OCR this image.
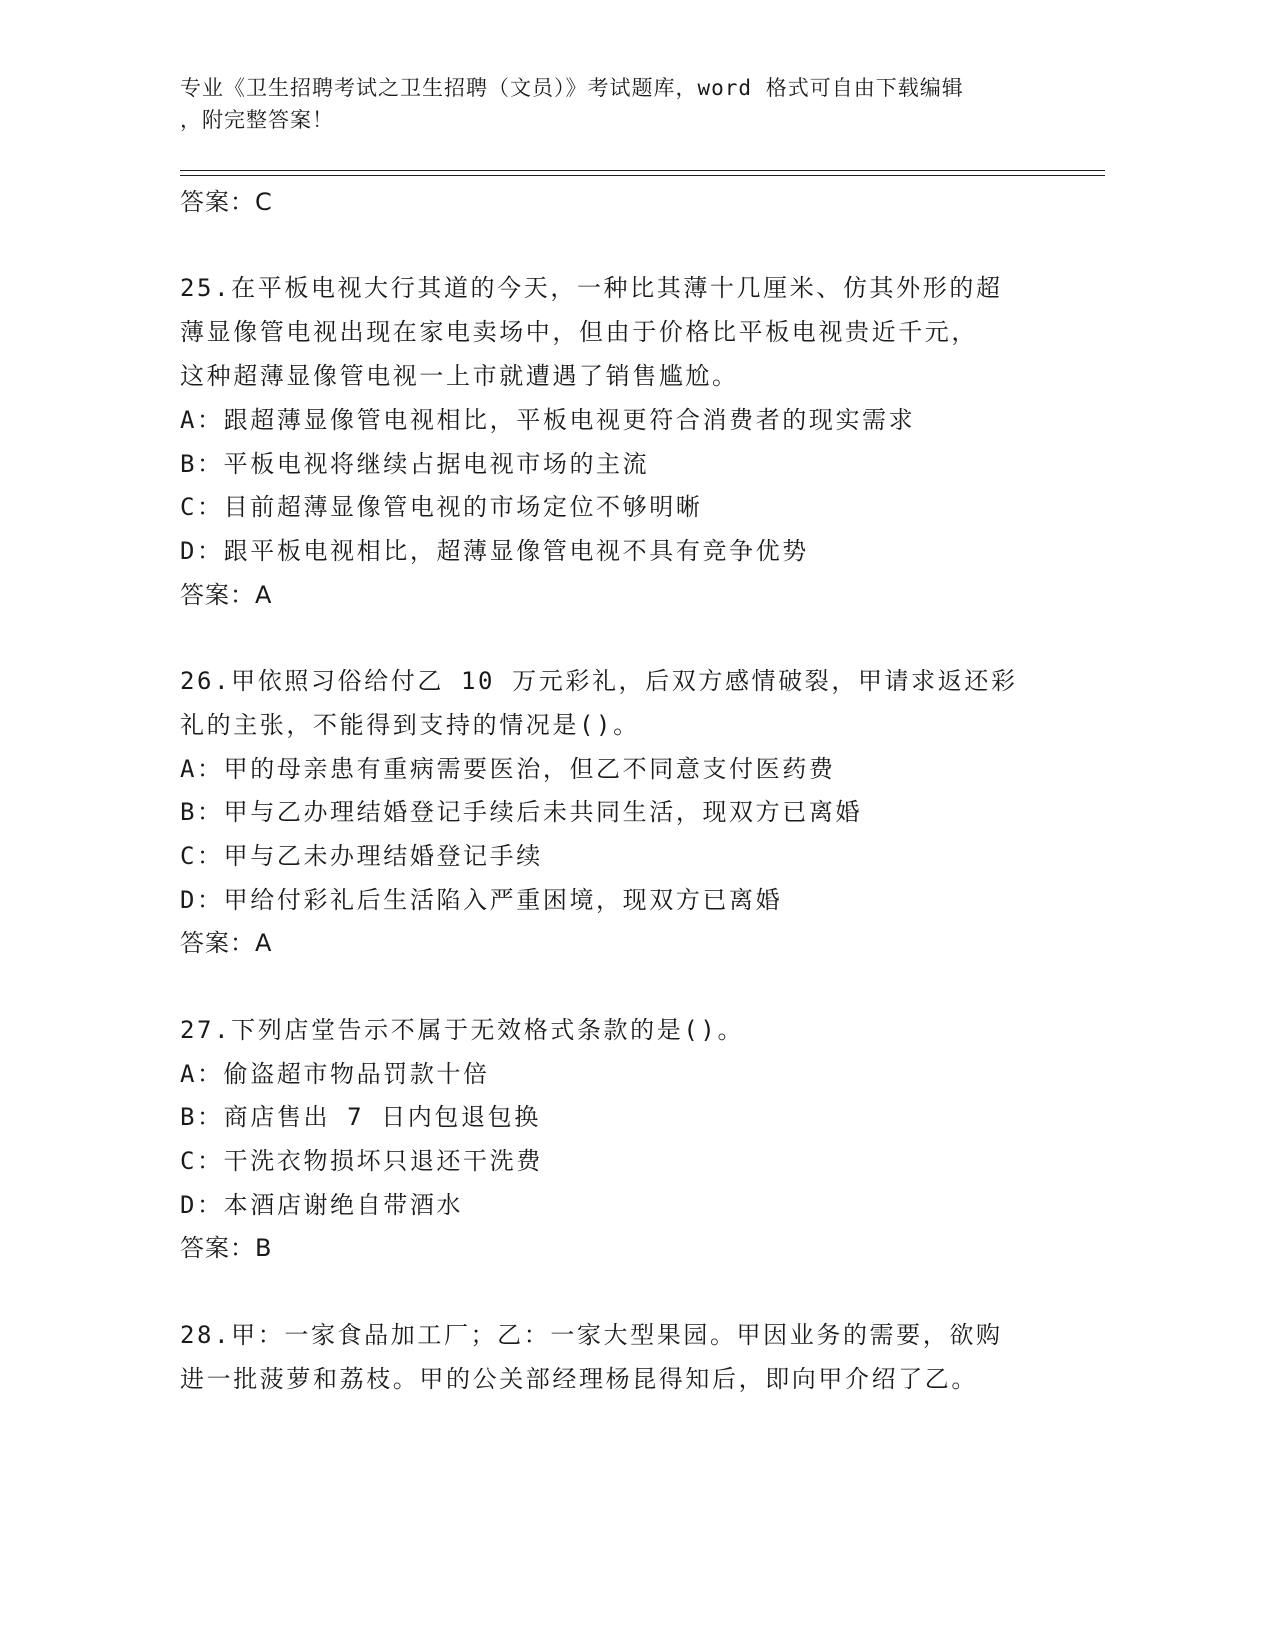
专业《卫生招聘考试之卫生招聘（文员）》考试题库，word 格式可自由下载编辑
，附完整答案！
答案：C
25.在平板电视大行其道的今天，一种比其薄十几厘米、仿其外形的超
薄显像管电视出现在家电卖场中，但由于价格比平板电视贵近千元，
这种超薄显像管电视一上市就遭遇了销售尴尬。
A：跟超薄显像管电视相比，平板电视更符合消费者的现实需求
B：平板电视将继续占据电视市场的主流
C：目前超薄显像管电视的市场定位不够明晰
D：跟平板电视相比，超薄显像管电视不具有竞争优势
答案：A
26.甲依照习俗给付乙 10 万元彩礼，后双方感情破裂，甲请求返还彩
礼的主张，不能得到支持的情况是()。
A：甲的母亲患有重病需要医治，但乙不同意支付医药费
B：甲与乙办理结婚登记手续后未共同生活，现双方已离婚
C：甲与乙未办理结婚登记手续
D：甲给付彩礼后生活陷入严重困境，现双方已离婚
答案：A
27.下列店堂告示不属于无效格式条款的是()。
A：偷盗超市物品罚款十倍
B：商店售出 7 日内包退包换
C：干洗衣物损坏只退还干洗费
D：本酒店谢绝自带酒水
答案：B
28.甲：一家食品加工厂；乙：一家大型果园。甲因业务的需要，欲购
进一批菠萝和荔枝。甲的公关部经理杨昆得知后，即向甲介绍了乙。
